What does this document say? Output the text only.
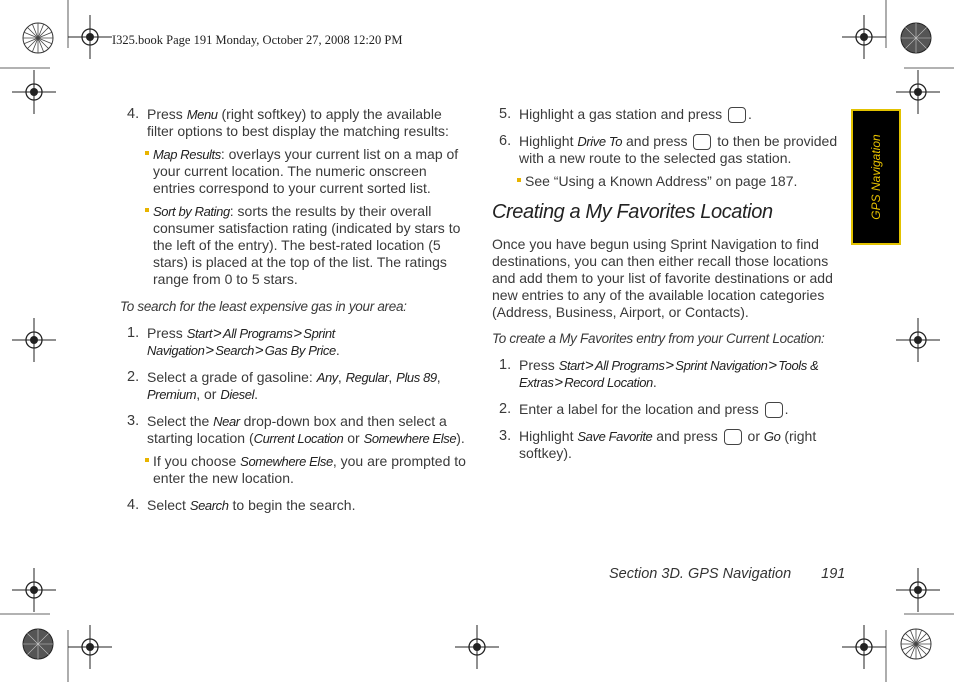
I325.book Page 191 Monday, October 27, 2008 12:20 PM
GPS Navigation
4. Press Menu (right softkey) to apply the available filter options to best display the matching results:
Map Results: overlays your current list on a map of your current location. The numeric onscreen entries correspond to your current sorted list.
Sort by Rating: sorts the results by their overall consumer satisfaction rating (indicated by stars to the left of the entry). The best-rated location (5 stars) is placed at the top of the list. The ratings range from 0 to 5 stars.
To search for the least expensive gas in your area:
1. Press Start>All Programs>Sprint Navigation>Search>Gas By Price.
2. Select a grade of gasoline: Any, Regular, Plus 89, Premium, or Diesel.
3. Select the Near drop-down box and then select a starting location (Current Location or Somewhere Else).
If you choose Somewhere Else, you are prompted to enter the new location.
4. Select Search to begin the search.
5. Highlight a gas station and press .
6. Highlight Drive To and press  to then be provided with a new route to the selected gas station.
See “Using a Known Address” on page 187.
Creating a My Favorites Location
Once you have begun using Sprint Navigation to find destinations, you can then either recall those locations and add them to your list of favorite destinations or add new entries to any of the available location categories (Address, Business, Airport, or Contacts).
To create a My Favorites entry from your Current Location:
1. Press Start>All Programs>Sprint Navigation>Tools & Extras>Record Location.
2. Enter a label for the location and press .
3. Highlight Save Favorite and press  or Go (right softkey).
Section 3D. GPS Navigation 191
